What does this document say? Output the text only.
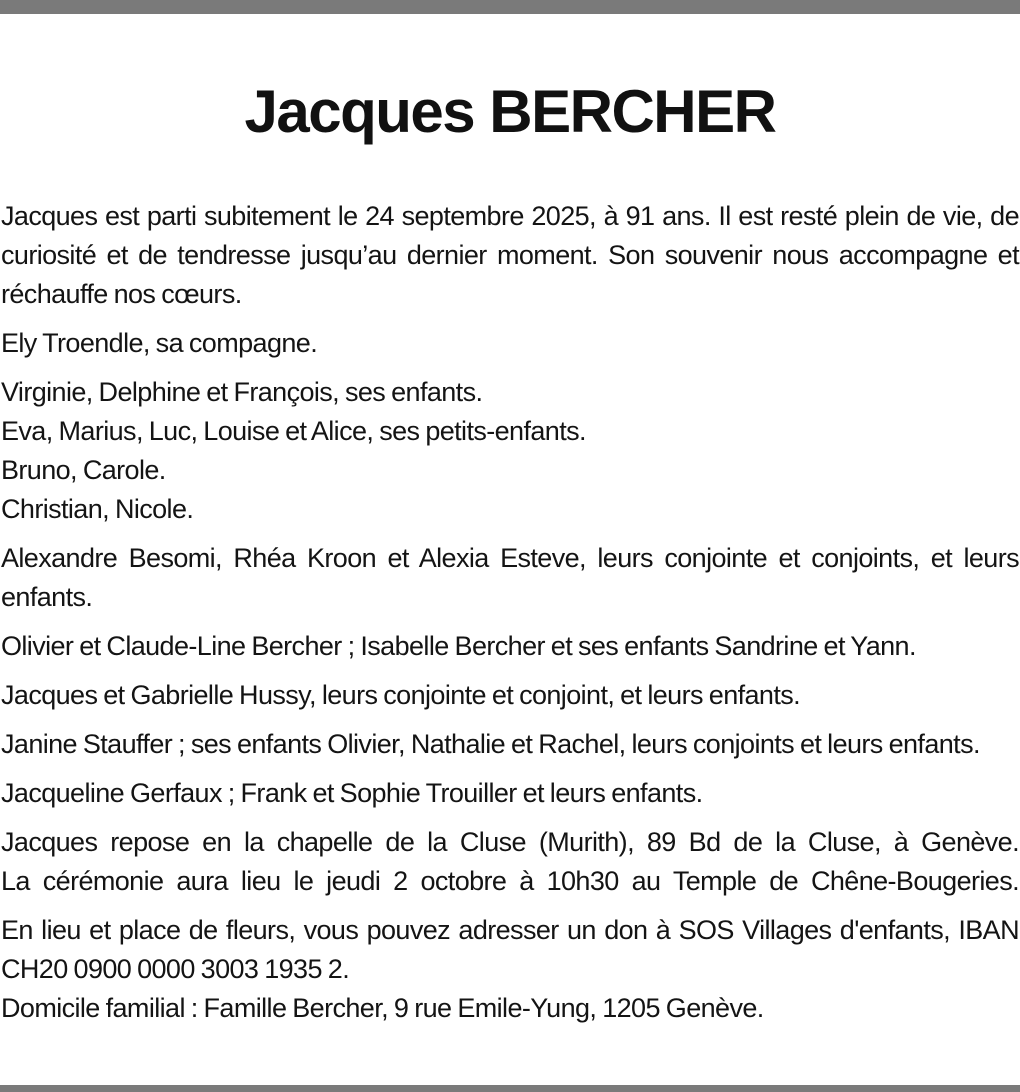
Jacques BERCHER

Jacques est parti subitement le 24 septembre 2025, à 91 ans. Il est resté plein de vie, de curiosité et de tendresse jusqu’au dernier moment. Son souvenir nous accompagne et réchauffe nos cœurs.

Ely Troendle, sa compagne.

Virginie, Delphine et François, ses enfants.
Eva, Marius, Luc, Louise et Alice, ses petits-enfants.
Bruno, Carole.
Christian, Nicole.

Alexandre Besomi, Rhéa Kroon et Alexia Esteve, leurs conjointe et conjoints, et leurs enfants.

Olivier et Claude-Line Bercher ; Isabelle Bercher et ses enfants Sandrine et Yann.

Jacques et Gabrielle Hussy, leurs conjointe et conjoint, et leurs enfants.

Janine Stauffer ; ses enfants Olivier, Nathalie et Rachel, leurs conjoints et leurs enfants.

Jacqueline Gerfaux ; Frank et Sophie Trouiller et leurs enfants.

Jacques repose en la chapelle de la Cluse (Murith), 89 Bd de la Cluse, à Genève.
La cérémonie aura lieu le jeudi 2 octobre à 10h30 au Temple de Chêne-Bougeries.

En lieu et place de fleurs, vous pouvez adresser un don à SOS Villages d'enfants, IBAN CH20 0900 0000 3003 1935 2.

Domicile familial : Famille Bercher, 9 rue Emile-Yung, 1205 Genève.
